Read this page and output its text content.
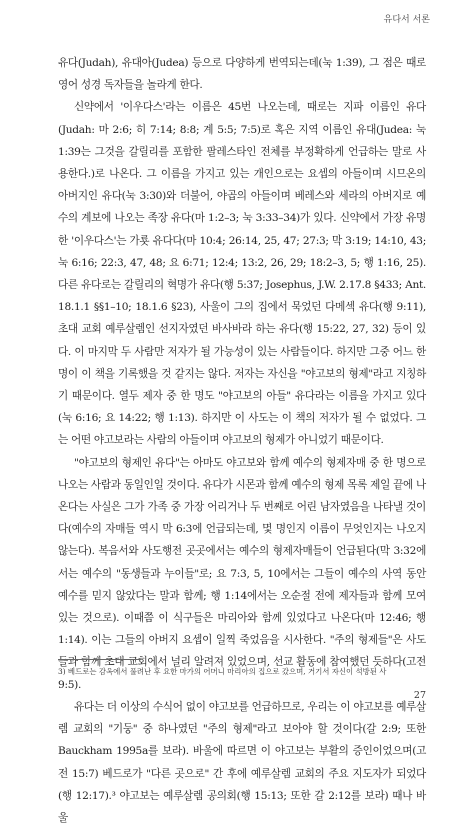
유다서 서론

유다(Judah), 유대아(Judea) 등으로 다양하게 번역되는데(눅 1:39), 그 점은 때로 영어 성경 독자들을 놀라게 한다.

신약에서 '이우다스'라는 이름은 45번 나오는데, 때로는 지파 이름인 유다(Judah: 마 2:6; 히 7:14; 8:8; 계 5:5; 7:5)로 혹은 지역 이름인 유대(Judea: 눅 1:39는 그것을 갈릴리를 포함한 팔레스타인 전체를 부정확하게 언급하는 말로 사용한다.)로 나온다. 그 이름을 가지고 있는 개인으로는 요셉의 아들이며 시므온의 아버지인 유다(눅 3:30)와 더불어, 야곱의 아들이며 베레스와 세라의 아버지로 예수의 계보에 나오는 족장 유다(마 1:2–3; 눅 3:33–34)가 있다. 신약에서 가장 유명한 '이우다스'는 가룟 유다다(마 10:4; 26:14, 25, 47; 27:3; 막 3:19; 14:10, 43; 눅 6:16; 22:3, 47, 48; 요 6:71; 12:4; 13:2, 26, 29; 18:2–3, 5; 행 1:16, 25). 다른 유다로는 갈릴리의 혁명가 유다(행 5:37; Josephus, J.W. 2.17.8 §433; Ant. 18.1.1 §§1–10; 18.1.6 §23), 사울이 그의 집에서 묵었던 다메섹 유다(행 9:11), 초대 교회 예루살렘인 선지자였던 바사바라 하는 유다(행 15:22, 27, 32) 등이 있다. 이 마지막 두 사람만 저자가 될 가능성이 있는 사람들이다. 하지만 그중 어느 한 명이 이 책을 기록했을 것 같지는 않다. 저자는 자신을 "야고보의 형제"라고 지칭하기 때문이다. 열두 제자 중 한 명도 "야고보의 아들" 유다라는 이름을 가지고 있다(눅 6:16; 요 14:22; 행 1:13). 하지만 이 사도는 이 책의 저자가 될 수 없었다. 그는 어떤 야고보라는 사람의 아들이며 야고보의 형제가 아니었기 때문이다.

"야고보의 형제인 유다"는 아마도 야고보와 함께 예수의 형제자매 중 한 명으로 나오는 사람과 동일인일 것이다. 유다가 시몬과 함께 예수의 형제 목록 제일 끝에 나온다는 사실은 그가 가족 중 가장 어리거나 두 번째로 어린 남자였음을 나타낼 것이다(예수의 자매들 역시 막 6:3에 언급되는데, 몇 명인지 이름이 무엇인지는 나오지 않는다). 복음서와 사도행전 곳곳에서는 예수의 형제자매들이 언급된다(막 3:32에서는 예수의 "동생들과 누이들"로; 요 7:3, 5, 10에서는 그들이 예수의 사역 동안 예수를 믿지 않았다는 말과 함께; 행 1:14에서는 오순절 전에 제자들과 함께 모여 있는 것으로). 이때쯤 이 식구들은 마리아와 함께 있었다고 나온다(마 12:46; 행 1:14). 이는 그들의 아버지 요셉이 일찍 죽었음을 시사한다. "주의 형제들"은 사도들과 함께 초대 교회에서 널리 알려져 있었으며, 선교 활동에 참여했던 듯하다(고전 9:5).

유다는 더 이상의 수식어 없이 야고보를 언급하므로, 우리는 이 야고보를 예루살렘 교회의 "기둥" 중 하나였던 "주의 형제"라고 보아야 할 것이다(갈 2:9; 또한 Bauckham 1995a를 보라). 바울에 따르면 이 야고보는 부활의 증인이었으며(고전 15:7) 베드로가 "다른 곳으로" 간 후에 예루살렘 교회의 주요 지도자가 되었다(행 12:17).³ 야고보는 예루살렘 공의회(행 15:13; 또한 갈 2:12를 보라) 때나 바울

3) 베드로는 감옥에서 풀려난 후 요한 마가의 어머니 마리아의 집으로 갔으며, 거기서 자신이 석방된 사
27
